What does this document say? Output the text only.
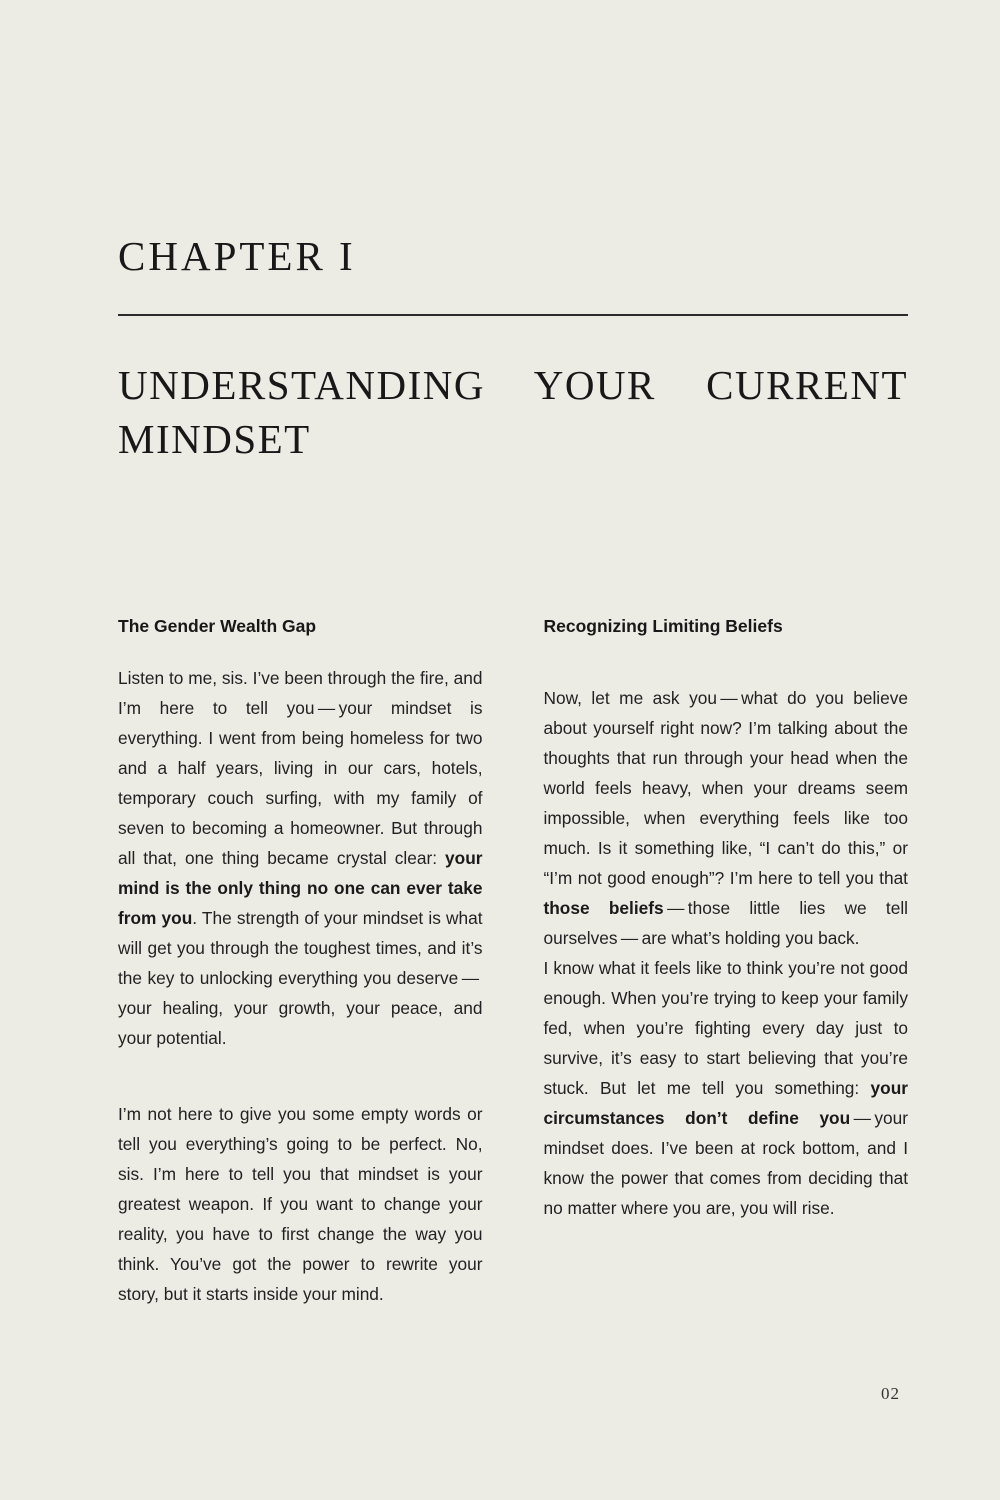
CHAPTER I
UNDERSTANDING YOUR CURRENT MINDSET
The Gender Wealth Gap

Listen to me, sis. I’ve been through the fire, and I’m here to tell you — your mindset is everything. I went from being homeless for two and a half years, living in our cars, hotels, temporary couch surfing, with my family of seven to becoming a homeowner. But through all that, one thing became crystal clear: your mind is the only thing no one can ever take from you. The strength of your mindset is what will get you through the toughest times, and it’s the key to unlocking everything you deserve — your healing, your growth, your peace, and your potential.

I’m not here to give you some empty words or tell you everything’s going to be perfect. No, sis. I’m here to tell you that mindset is your greatest weapon. If you want to change your reality, you have to first change the way you think. You’ve got the power to rewrite your story, but it starts inside your mind.

Recognizing Limiting Beliefs

Now, let me ask you — what do you believe about yourself right now? I’m talking about the thoughts that run through your head when the world feels heavy, when your dreams seem impossible, when everything feels like too much. Is it something like, “I can’t do this,” or “I’m not good enough”? I’m here to tell you that those beliefs — those little lies we tell ourselves — are what’s holding you back.

I know what it feels like to think you’re not good enough. When you’re trying to keep your family fed, when you’re fighting every day just to survive, it’s easy to start believing that you’re stuck. But let me tell you something: your circumstances don’t define you — your mindset does. I’ve been at rock bottom, and I know the power that comes from deciding that no matter where you are, you will rise.

02
